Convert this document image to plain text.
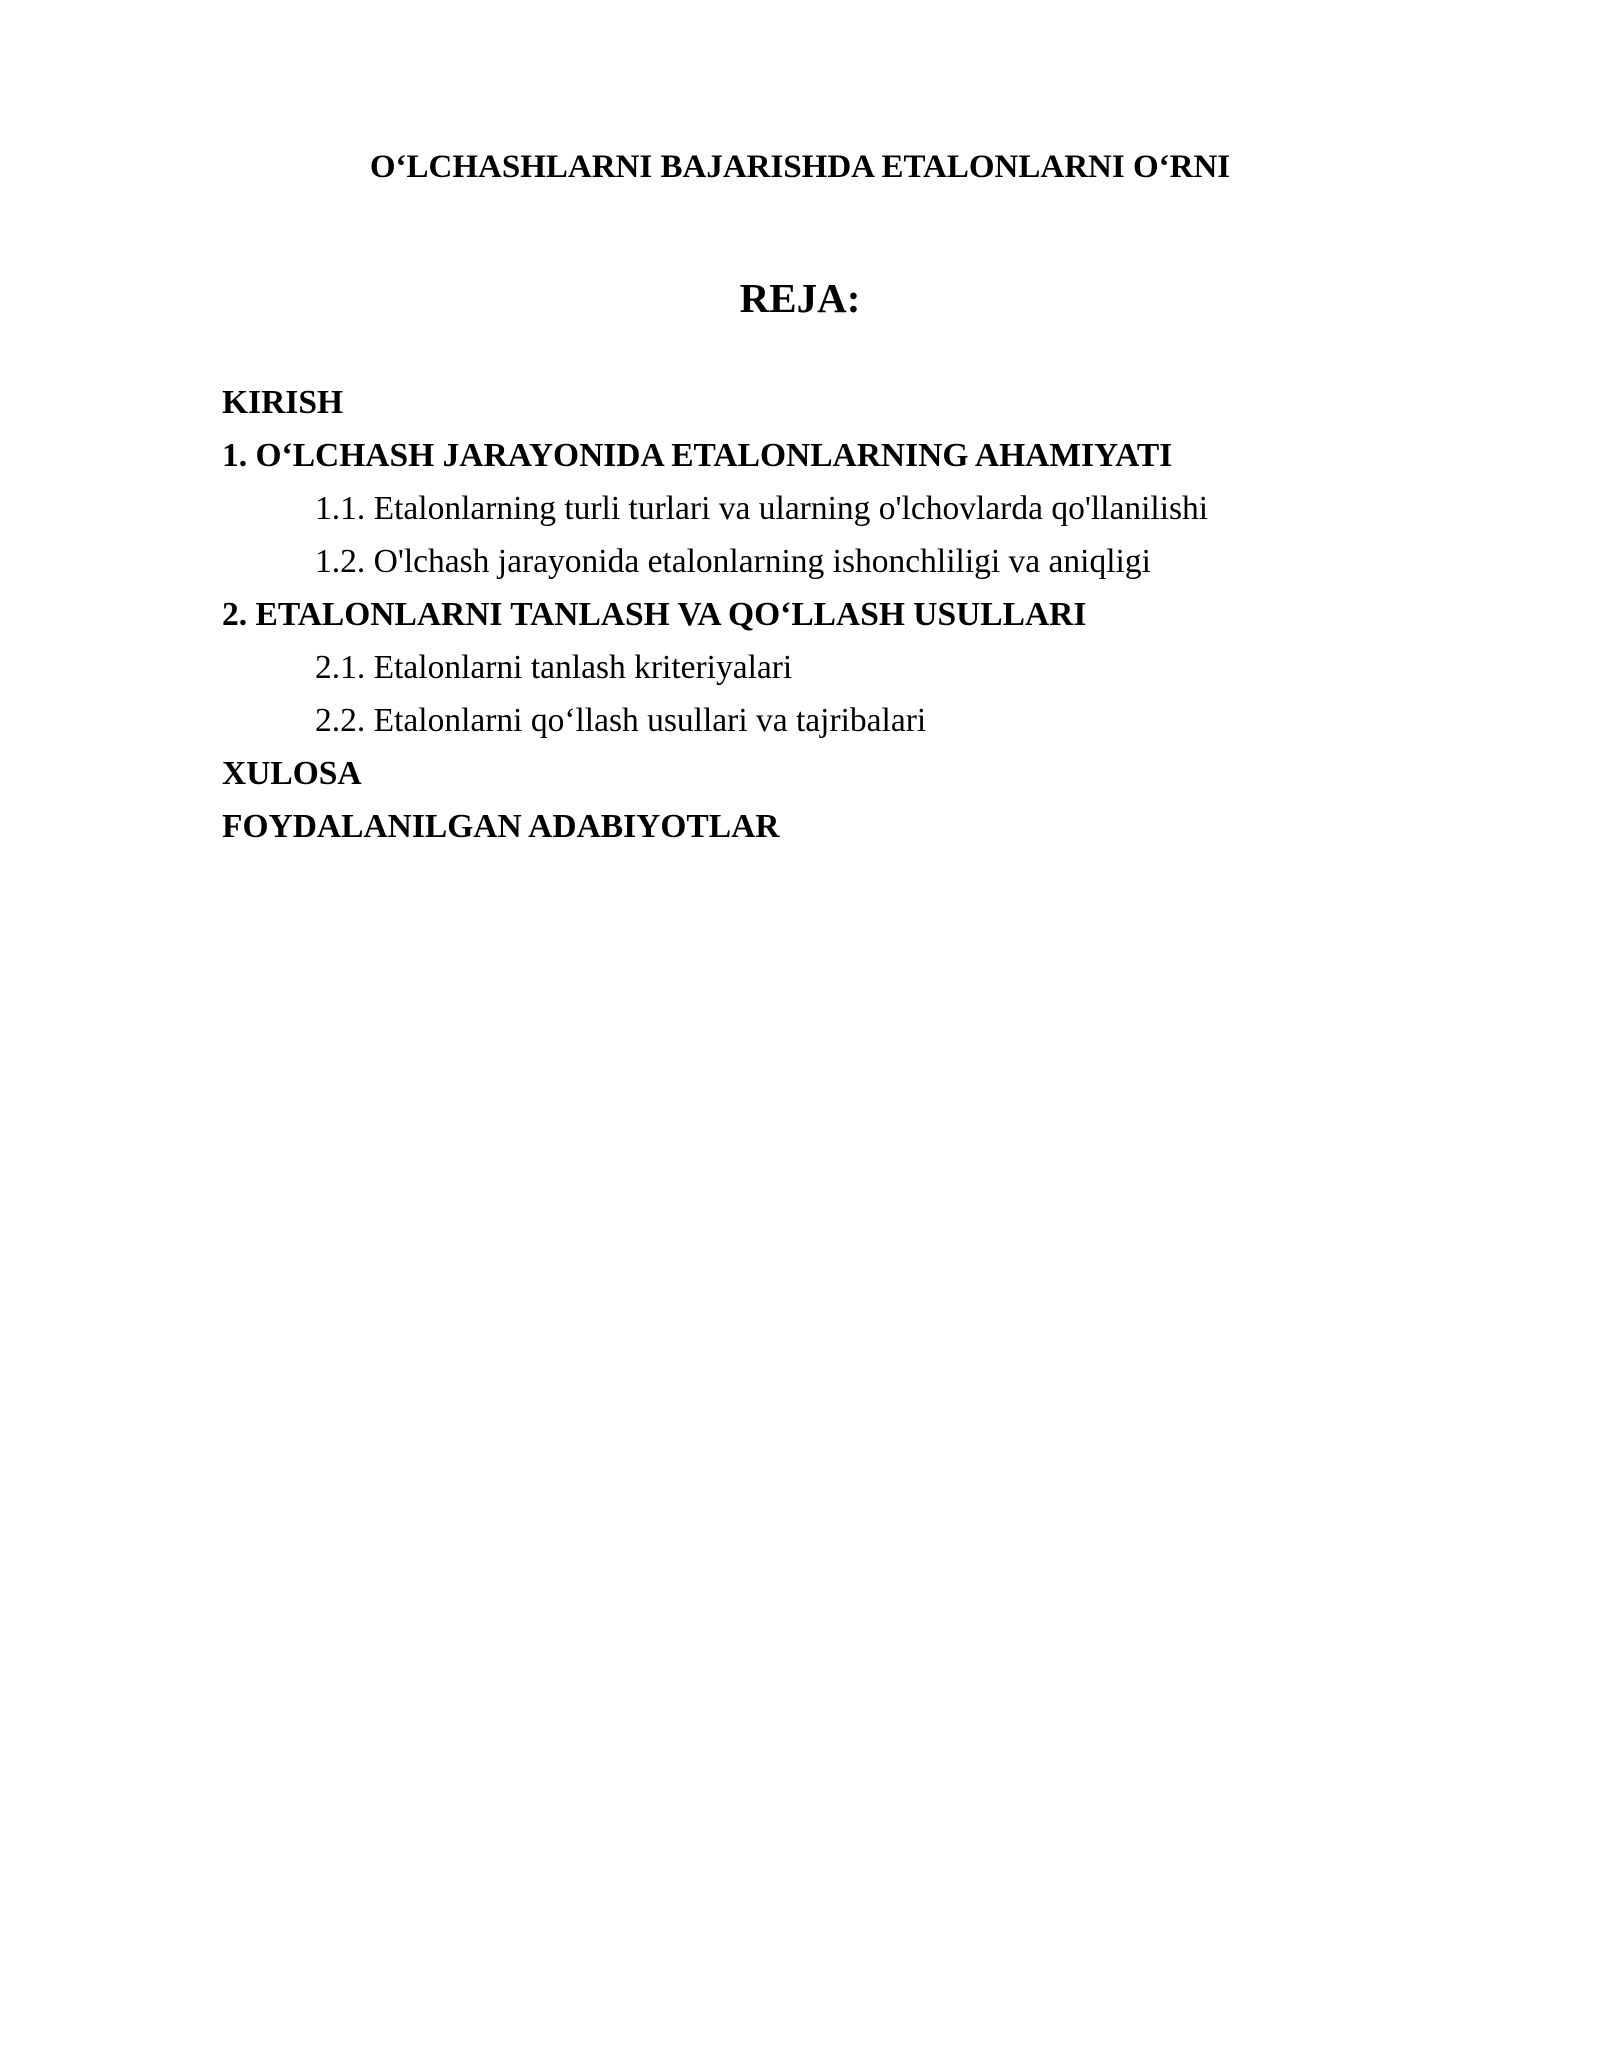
O‘LCHASHLARNI BAJARISHDA ETALONLARNI O‘RNI
REJA:
KIRISH
1. O‘LCHASH JARAYONIDA ETALONLARNING AHAMIYATI
1.1. Etalonlarning turli turlari va ularning o'lchovlarda qo'llanilishi
1.2. O'lchash jarayonida etalonlarning ishonchliligi va aniqligi
2. ETALONLARNI TANLASH VA QO‘LLASH USULLARI
2.1. Etalonlarni tanlash kriteriyalari
2.2. Etalonlarni qo‘llash usullari va tajribalari
XULOSA
FOYDALANILGAN ADABIYOTLAR
